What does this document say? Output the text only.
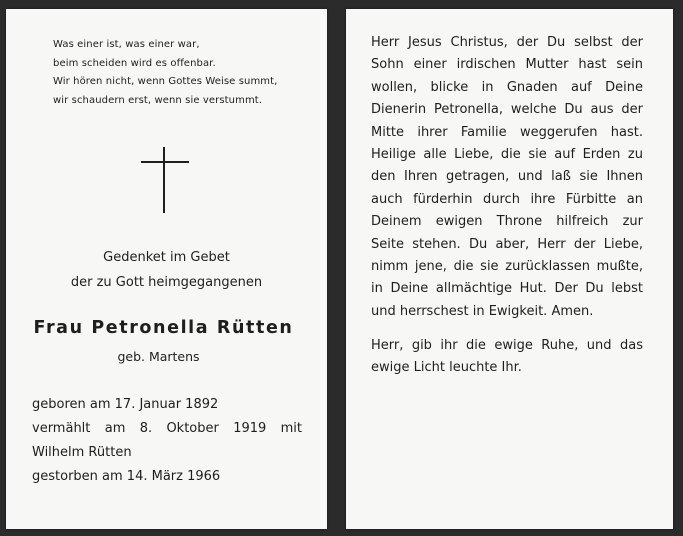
Was einer ist, was einer war,
beim scheiden wird es offenbar.
Wir hören nicht, wenn Gottes Weise summt,
wir schaudern erst, wenn sie verstummt.
Gedenket im Gebet
der zu Gott heimgegangenen
Frau Petronella Rütten
geb. Martens
geboren am 17. Januar 1892
vermählt am 8. Oktober 1919 mit
Wilhelm Rütten
gestorben am 14. März 1966
Herr Jesus Christus, der Du selbst der
Sohn einer irdischen Mutter hast sein
wollen, blicke in Gnaden auf Deine
Dienerin Petronella, welche Du aus der
Mitte ihrer Familie weggerufen hast.
Heilige alle Liebe, die sie auf Erden zu
den Ihren getragen, und laß sie Ihnen
auch fürderhin durch ihre Fürbitte an
Deinem ewigen Throne hilfreich zur
Seite stehen. Du aber, Herr der Liebe,
nimm jene, die sie zurücklassen mußte,
in Deine allmächtige Hut. Der Du lebst
und herrschest in Ewigkeit. Amen.
Herr, gib ihr die ewige Ruhe, und das
ewige Licht leuchte Ihr.
